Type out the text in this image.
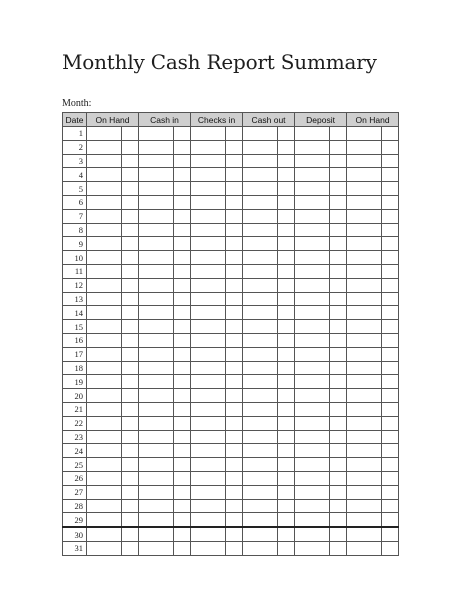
Monthly Cash Report Summary
Month:
Date	On Hand		Cash in		Checks in		Cash out		Deposit		On Hand	
1												
2												
3												
4												
5												
6												
7												
8												
9												
10												
11												
12												
13												
14												
15												
16												
17												
18												
19												
20												
21												
22												
23												
24												
25												
26												
27												
28												
29												
30												
31												
